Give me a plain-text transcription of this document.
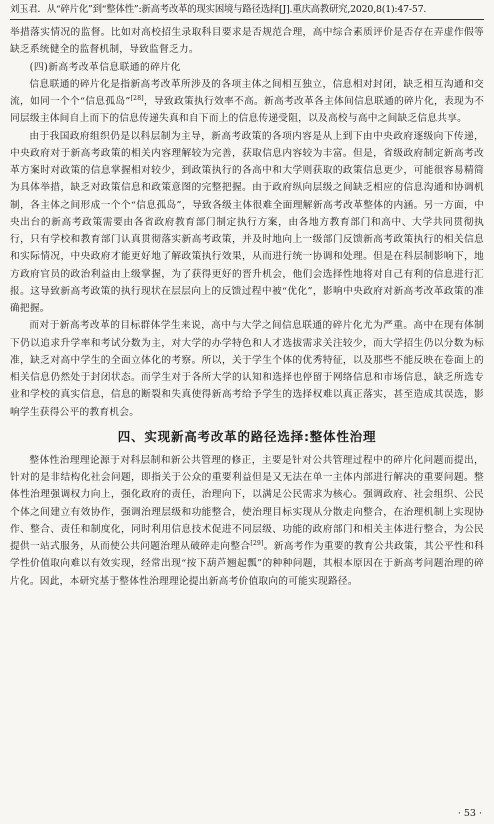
刘玉君．从“碎片化”到“整体性”:新高考改革的现实困境与路径选择[J].重庆高教研究,2020,8(1):47-57.

举措落实情况的监督。比如对高校招生录取科目要求是否规范合理，高中综合素质评价是否存在弄虚作假等缺乏系统健全的监督机制，导致监督乏力。

(四)新高考改革信息联通的碎片化

信息联通的碎片化是指新高考改革所涉及的各项主体之间相互独立，信息相对封闭，缺乏相互沟通和交流，如同一个个“信息孤岛”[28]，导致政策执行效率不高。新高考改革各主体间信息联通的碎片化，表现为不同层级主体间自上而下的信息传递失真和自下而上的信息传递受阻，以及高校与高中之间缺乏信息共享。

由于我国政府组织仍是以科层制为主导，新高考政策的各项内容是从上到下由中央政府逐级向下传递，中央政府对于新高考政策的相关内容理解较为完善，获取信息内容较为丰富。但是，省级政府制定新高考改革方案时对政策的信息掌握相对较少，到政策执行的各高中和大学则获取的政策信息更少，可能很容易精简为具体举措，缺乏对政策信息和政策意图的完整把握。由于政府纵向层级之间缺乏相应的信息沟通和协调机制，各主体之间形成一个个“信息孤岛”，导致各级主体很难全面理解新高考改革整体的内涵。另一方面，中央出台的新高考政策需要由各省政府教育部门制定执行方案，由各地方教育部门和高中、大学共同贯彻执行，只有学校和教育部门认真贯彻落实新高考政策，并及时地向上一级部门反馈新高考政策执行的相关信息和实际情况，中央政府才能更好地了解政策执行效果，从而进行统一协调和处理。但是在科层制影响下，地方政府官员的政治利益由上级掌握，为了获得更好的晋升机会，他们会选择性地将对自己有利的信息进行汇报。这导致新高考政策的执行现状在层层向上的反馈过程中被“优化”，影响中央政府对新高考改革政策的准确把握。

而对于新高考改革的目标群体学生来说，高中与大学之间信息联通的碎片化尤为严重。高中在现有体制下仍以追求升学率和考试分数为主，对大学的办学特色和人才选拔需求关注较少，而大学招生仍以分数为标准，缺乏对高中学生的全面立体化的考察。所以，关于学生个体的优秀特征，以及那些不能反映在卷面上的相关信息仍然处于封闭状态。而学生对于各所大学的认知和选择也停留于网络信息和市场信息，缺乏所选专业和学校的真实信息，信息的断裂和失真使得新高考给予学生的选择权难以真正落实，甚至造成其误选，影响学生获得公平的教育机会。

四、实现新高考改革的路径选择:整体性治理

整体性治理理论源于对科层制和新公共管理的修正，主要是针对公共管理过程中的碎片化问题而提出，针对的是非结构化社会问题，即指关于公众的重要利益但是又无法在单一主体内部进行解决的重要问题。整体性治理强调权力向上，强化政府的责任，治理向下，以满足公民需求为核心。强调政府、社会组织、公民个体之间建立有效协作，强调治理层级和功能整合，使治理目标实现从分散走向整合，在治理机制上实现协作、整合、责任和制度化，同时利用信息技术促进不同层级、功能的政府部门和相关主体进行整合，为公民提供一站式服务，从而使公共问题治理从破碎走向整合[29]。新高考作为重要的教育公共政策，其公平性和科学性价值取向难以有效实现，经常出现“按下葫芦翘起瓢”的种种问题，其根本原因在于新高考问题治理的碎片化。因此，本研究基于整体性治理理论提出新高考价值取向的可能实现路径。

· 53 ·
